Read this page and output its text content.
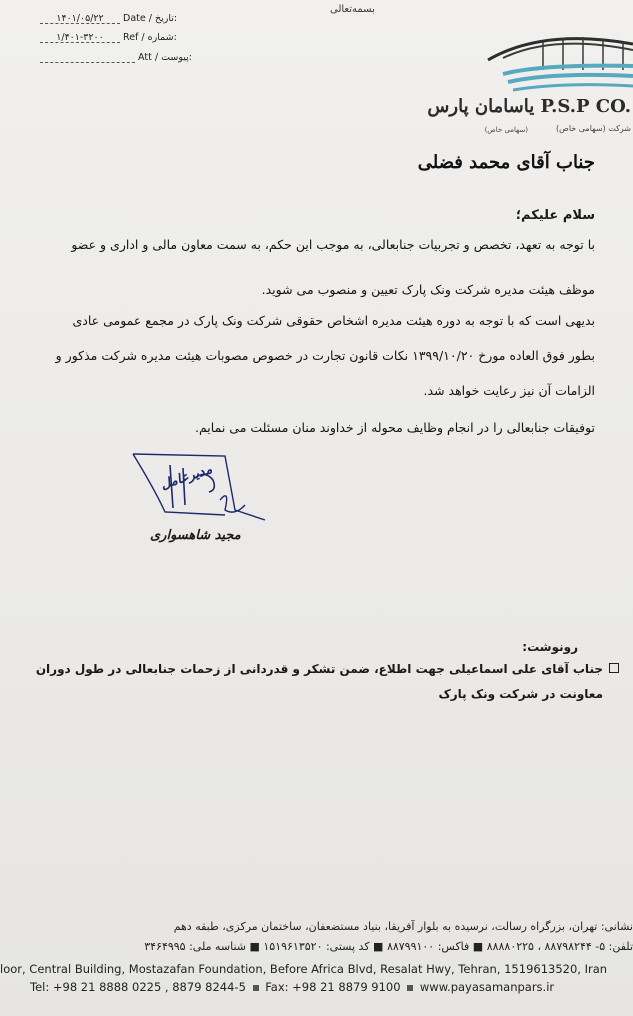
بسمه‌تعالی
۱۴۰۱/۰۵/۲۲ Date / تاریخ:
۱/۴۰۱-۳۲۰۰ Ref / شماره:
Att / پیوست:
یاسامان پارس P.S.P CO.
شرکت (سهامی خاص)
(سهامی خاص)
جناب آقای محمد فضلی
سلام علیکم؛
با توجه به تعهد، تخصص و تجربیات جنابعالی، به موجب این حکم، به سمت معاون مالی و اداری و عضو
موظف هیئت مدیره شرکت ونک پارک تعیین و منصوب می شوید.
بدیهی است که با توجه به دوره هیئت مدیره اشخاص حقوقی شرکت ونک پارک در مجمع عمومی عادی
بطور فوق العاده مورخ ۱۳۹۹/۱۰/۲۰ نکات قانون تجارت در خصوص مصوبات هیئت مدیره شرکت مذکور و
الزامات آن نیز رعایت خواهد شد.
توفیقات جنابعالی را در انجام وظایف محوله از خداوند منان مسئلت می نمایم.
مدیرعامل
مجید شاهسواری
رونوشت:
جناب آقای علی اسماعیلی جهت اطلاع، ضمن تشکر و قدردانی از زحمات جنابعالی در طول دوران معاونت در شرکت ونک پارک
نشانی: تهران، بزرگراه رسالت، نرسیده به بلوار آفریقا، بنیاد مستضعفان، ساختمان مرکزی، طبقه دهم
تلفن: ۵- ۸۸۷۹۸۲۴۴ ، ۸۸۸۸۰۲۲۵ ■ فاکس: ۸۸۷۹۹۱۰۰ ■ کد پستی: ۱۵۱۹۶۱۳۵۲۰ ■ شناسه ملی: ۳۴۶۴۹۹۵
loor, Central Building, Mostazafan Foundation, Before Africa Blvd, Resalat Hwy, Tehran, 1519613520, Iran
Tel: +98 21 8888 0225 , 8879 8244-5 Fax: +98 21 8879 9100 www.payasamanpars.ir
